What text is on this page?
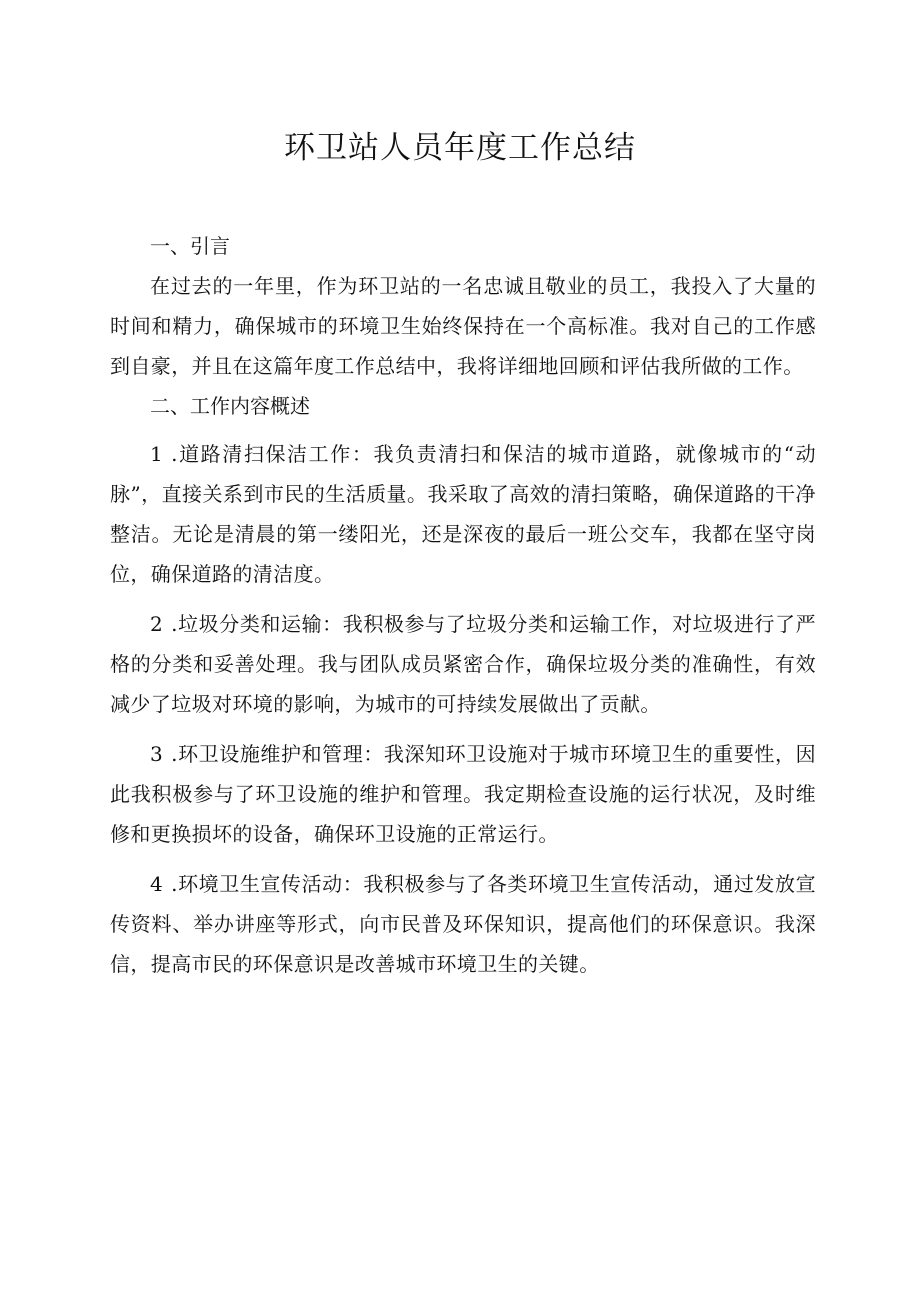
环卫站人员年度工作总结
一、引言

在过去的一年里，作为环卫站的一名忠诚且敬业的员工，我投入了大量的时间和精力，确保城市的环境卫生始终保持在一个高标准。我对自己的工作感到自豪，并且在这篇年度工作总结中，我将详细地回顾和评估我所做的工作。

二、工作内容概述

1 .道路清扫保洁工作：我负责清扫和保洁的城市道路，就像城市的“动脉”，直接关系到市民的生活质量。我采取了高效的清扫策略，确保道路的干净整洁。无论是清晨的第一缕阳光，还是深夜的最后一班公交车，我都在坚守岗位，确保道路的清洁度。

2 .垃圾分类和运输：我积极参与了垃圾分类和运输工作，对垃圾进行了严格的分类和妥善处理。我与团队成员紧密合作，确保垃圾分类的准确性，有效减少了垃圾对环境的影响，为城市的可持续发展做出了贡献。

3 .环卫设施维护和管理：我深知环卫设施对于城市环境卫生的重要性，因此我积极参与了环卫设施的维护和管理。我定期检查设施的运行状况，及时维修和更换损坏的设备，确保环卫设施的正常运行。

4 .环境卫生宣传活动：我积极参与了各类环境卫生宣传活动，通过发放宣传资料、举办讲座等形式，向市民普及环保知识，提高他们的环保意识。我深信，提高市民的环保意识是改善城市环境卫生的关键。
